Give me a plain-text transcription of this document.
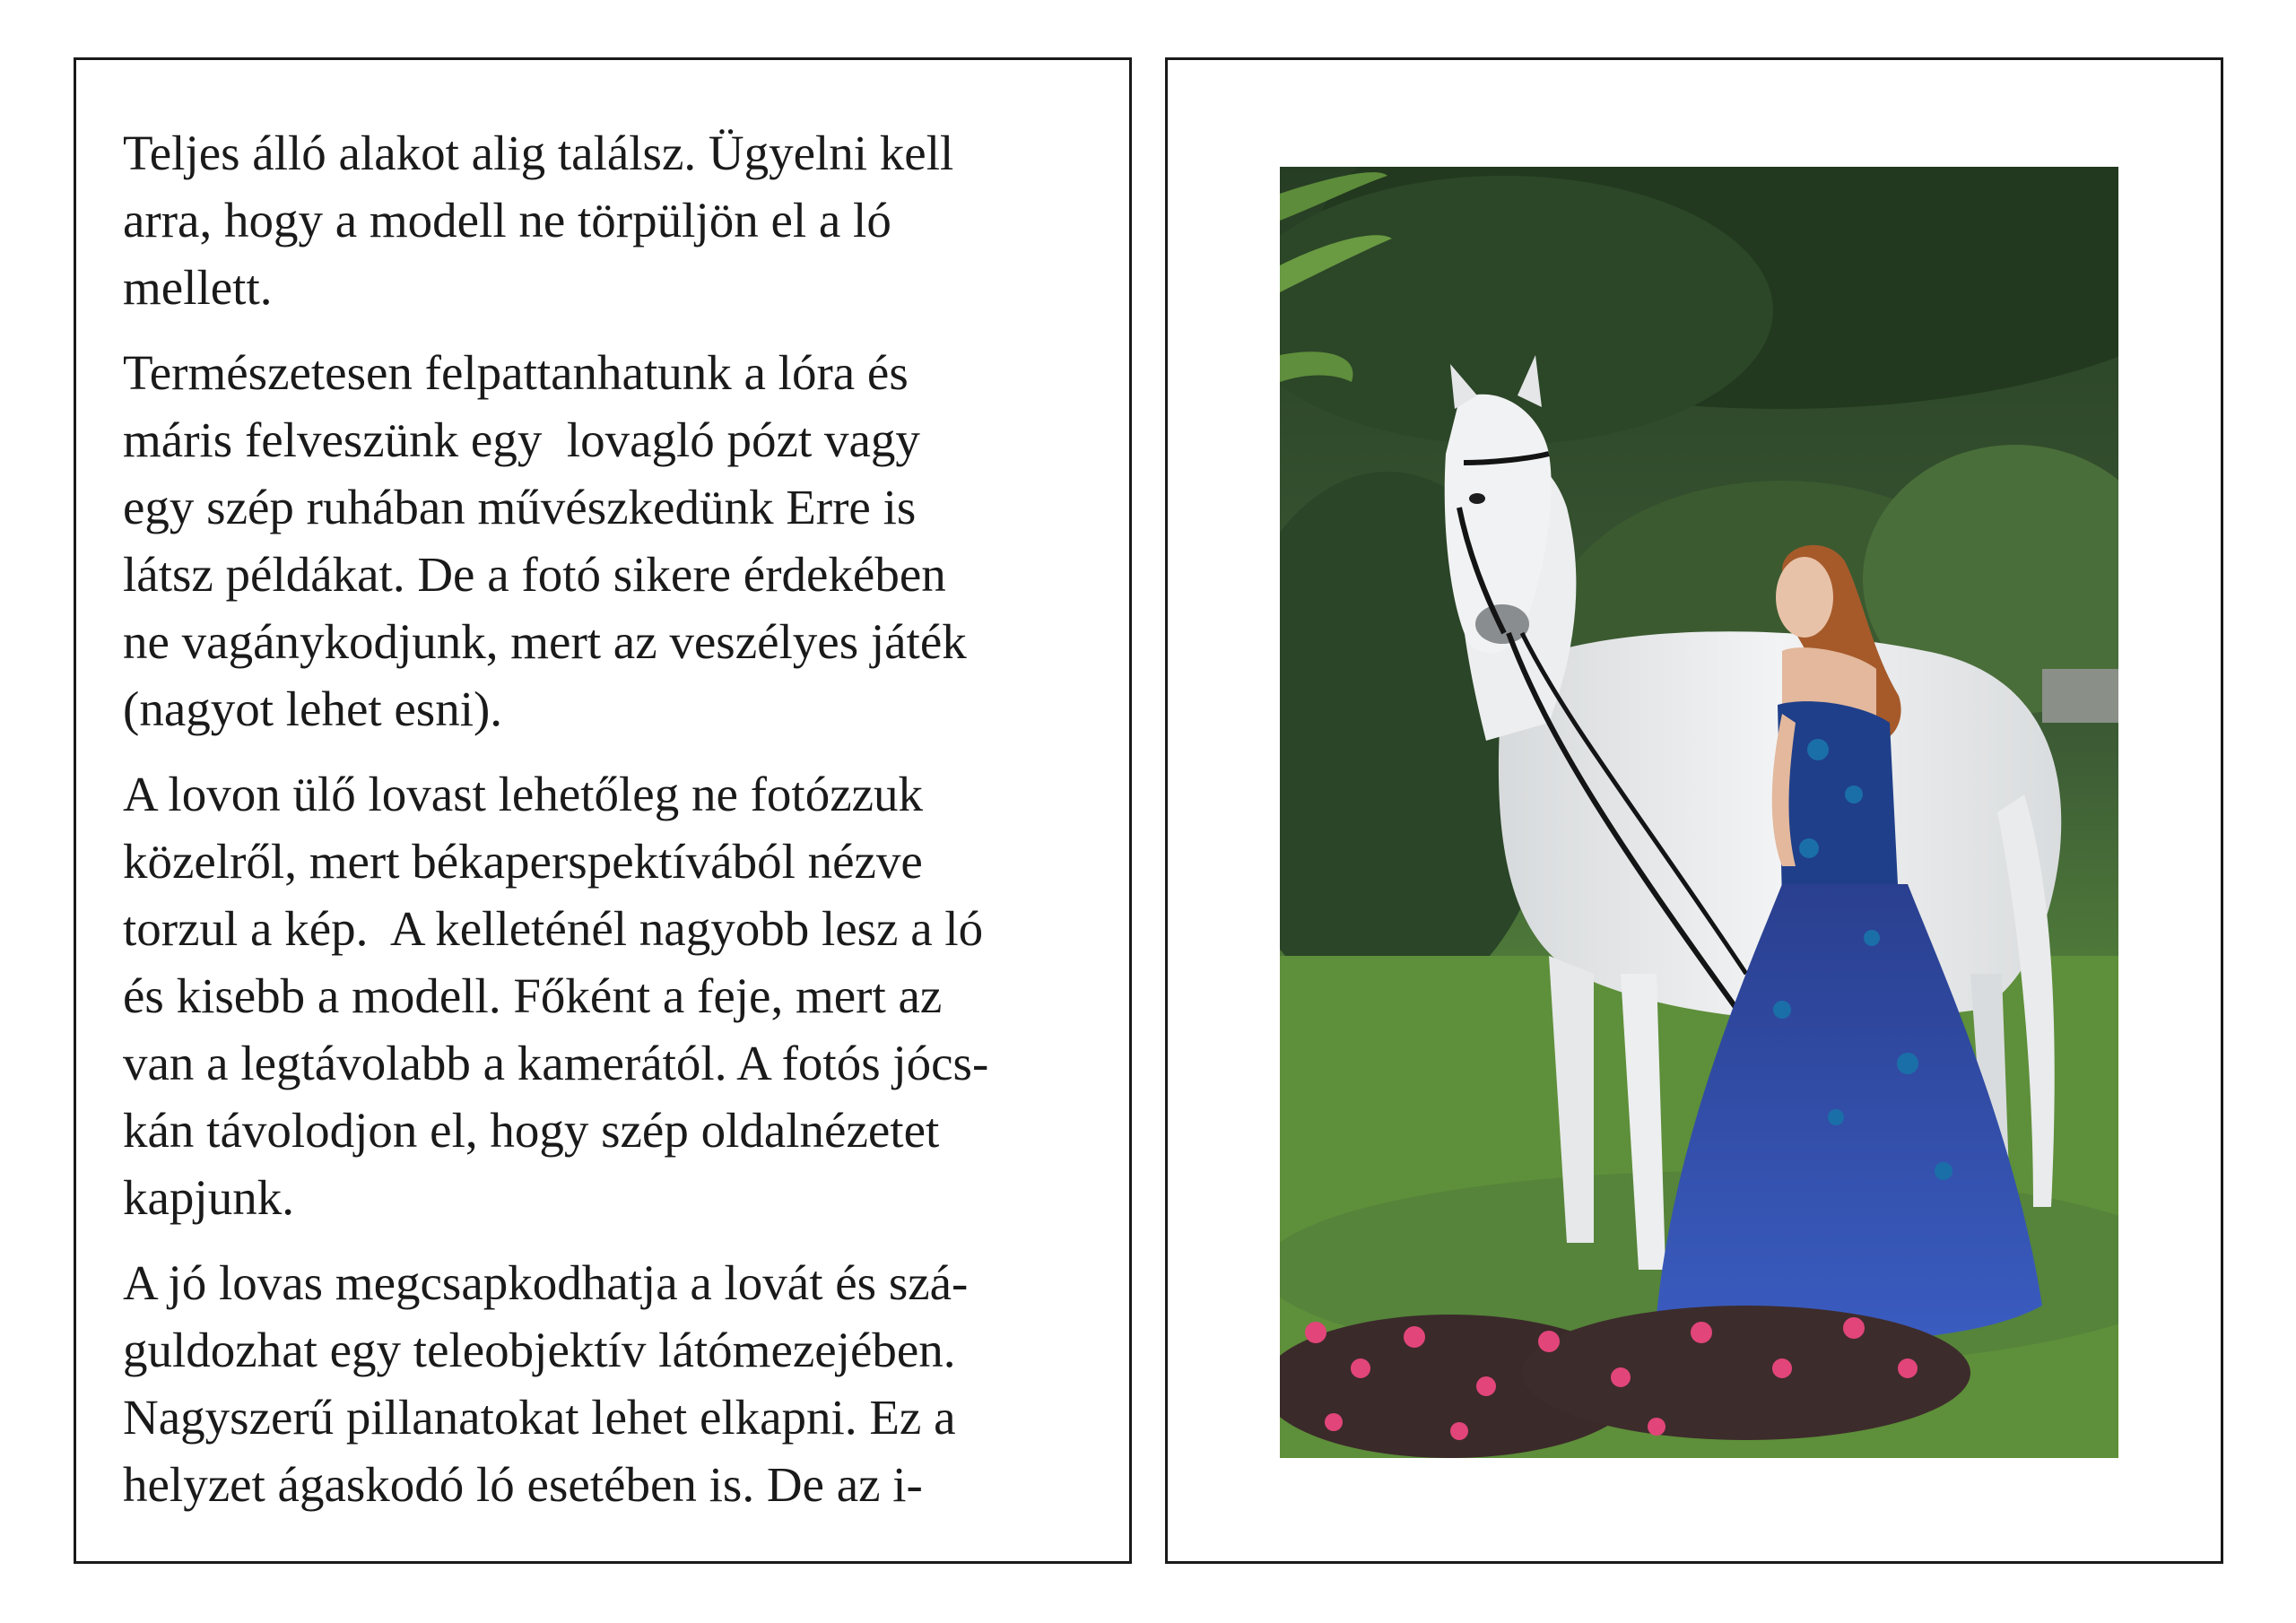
Teljes álló alakot alig találsz. Ügyelni kell
arra, hogy a modell ne törpüljön el a ló
mellett.

Természetesen felpattanhatunk a lóra és
máris felveszünk egy  lovagló pózt vagy
egy szép ruhában művészkedünk Erre is
látsz példákat. De a fotó sikere érdekében
ne vagánykodjunk, mert az veszélyes játék
(nagyot lehet esni).

A lovon ülő lovast lehetőleg ne fotózzuk
közelről, mert békaperspektívából nézve
torzul a kép.  A kelleténél nagyobb lesz a ló
és kisebb a modell. Főként a feje, mert az
van a legtávolabb a kamerától. A fotós jócs-
kán távolodjon el, hogy szép oldalnézetet
kapjunk.

A jó lovas megcsapkodhatja a lovát és szá-
guldozhat egy teleobjektív látómezejében.
Nagyszerű pillanatokat lehet elkapni. Ez a
helyzet ágaskodó ló esetében is. De az i-
